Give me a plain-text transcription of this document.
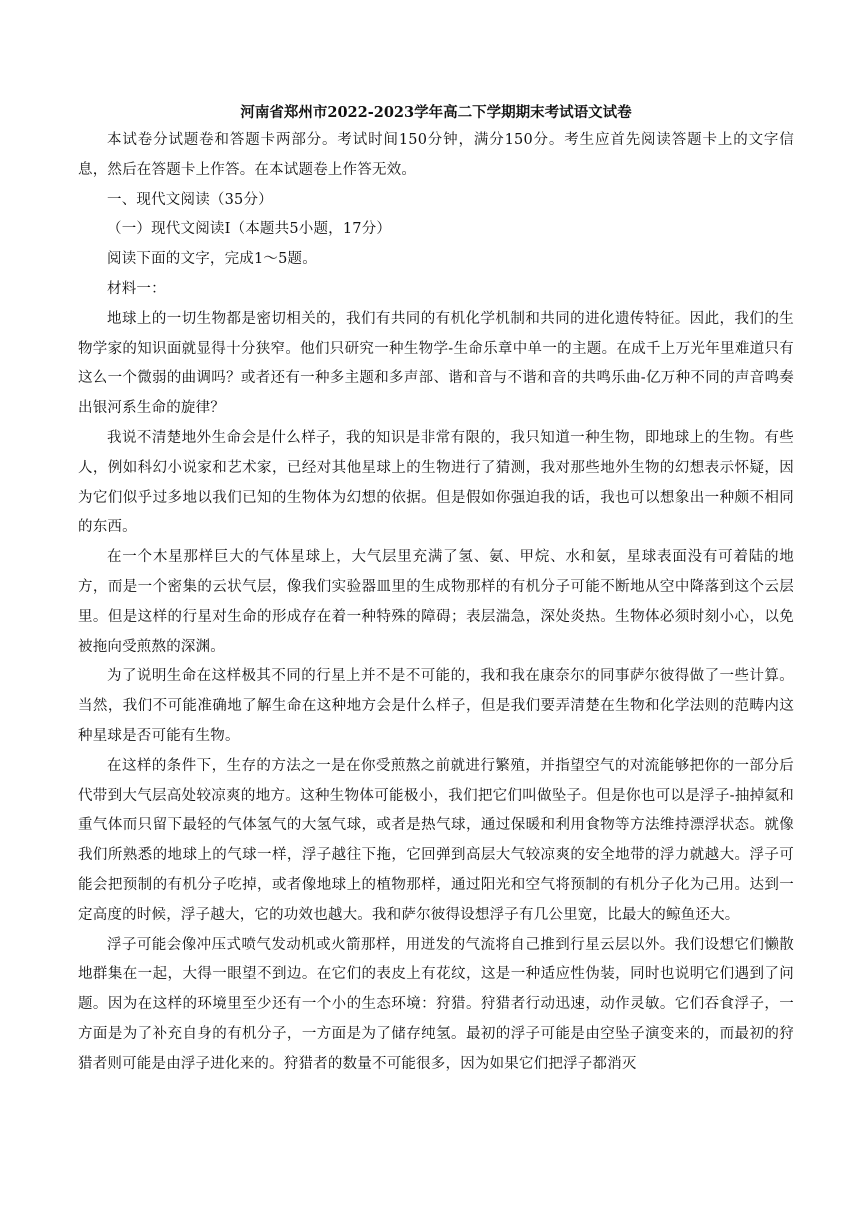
河南省郑州市2022-2023学年高二下学期期末考试语文试卷

本试卷分试题卷和答题卡两部分。考试时间150分钟，满分150分。考生应首先阅读答题卡上的文字信息，然后在答题卡上作答。在本试题卷上作答无效。

一、现代文阅读（35分）

（一）现代文阅读I（本题共5小题，17分）

阅读下面的文字，完成1～5题。

材料一：

地球上的一切生物都是密切相关的，我们有共同的有机化学机制和共同的进化遗传特征。因此，我们的生物学家的知识面就显得十分狭窄。他们只研究一种生物学-生命乐章中单一的主题。在成千上万光年里难道只有这么一个微弱的曲调吗？或者还有一种多主题和多声部、谐和音与不谐和音的共鸣乐曲-亿万种不同的声音鸣奏出银河系生命的旋律？

我说不清楚地外生命会是什么样子，我的知识是非常有限的，我只知道一种生物，即地球上的生物。有些人，例如科幻小说家和艺术家，已经对其他星球上的生物进行了猜测，我对那些地外生物的幻想表示怀疑，因为它们似乎过多地以我们已知的生物体为幻想的依据。但是假如你强迫我的话，我也可以想象出一种颇不相同的东西。

在一个木星那样巨大的气体星球上，大气层里充满了氢、氨、甲烷、水和氨，星球表面没有可着陆的地方，而是一个密集的云状气层，像我们实验器皿里的生成物那样的有机分子可能不断地从空中降落到这个云层里。但是这样的行星对生命的形成存在着一种特殊的障碍；表层湍急，深处炎热。生物体必须时刻小心，以免被拖向受煎熬的深渊。

为了说明生命在这样极其不同的行星上并不是不可能的，我和我在康奈尔的同事萨尔彼得做了一些计算。当然，我们不可能准确地了解生命在这种地方会是什么样子，但是我们要弄清楚在生物和化学法则的范畴内这种星球是否可能有生物。

在这样的条件下，生存的方法之一是在你受煎熬之前就进行繁殖，并指望空气的对流能够把你的一部分后代带到大气层高处较凉爽的地方。这种生物体可能极小，我们把它们叫做坠子。但是你也可以是浮子-抽掉氦和重气体而只留下最轻的气体氢气的大氢气球，或者是热气球，通过保暖和利用食物等方法维持漂浮状态。就像我们所熟悉的地球上的气球一样，浮子越往下拖，它回弹到高层大气较凉爽的安全地带的浮力就越大。浮子可能会把预制的有机分子吃掉，或者像地球上的植物那样，通过阳光和空气将预制的有机分子化为己用。达到一定高度的时候，浮子越大，它的功效也越大。我和萨尔彼得设想浮子有几公里宽，比最大的鲸鱼还大。

浮子可能会像冲压式喷气发动机或火箭那样，用迸发的气流将自己推到行星云层以外。我们设想它们懒散地群集在一起，大得一眼望不到边。在它们的表皮上有花纹，这是一种适应性伪装，同时也说明它们遇到了问题。因为在这样的环境里至少还有一个小的生态环境：狩猎。狩猎者行动迅速，动作灵敏。它们吞食浮子，一方面是为了补充自身的有机分子，一方面是为了储存纯氢。最初的浮子可能是由空坠子演变来的，而最初的狩猎者则可能是由浮子进化来的。狩猎者的数量不可能很多，因为如果它们把浮子都消灭
